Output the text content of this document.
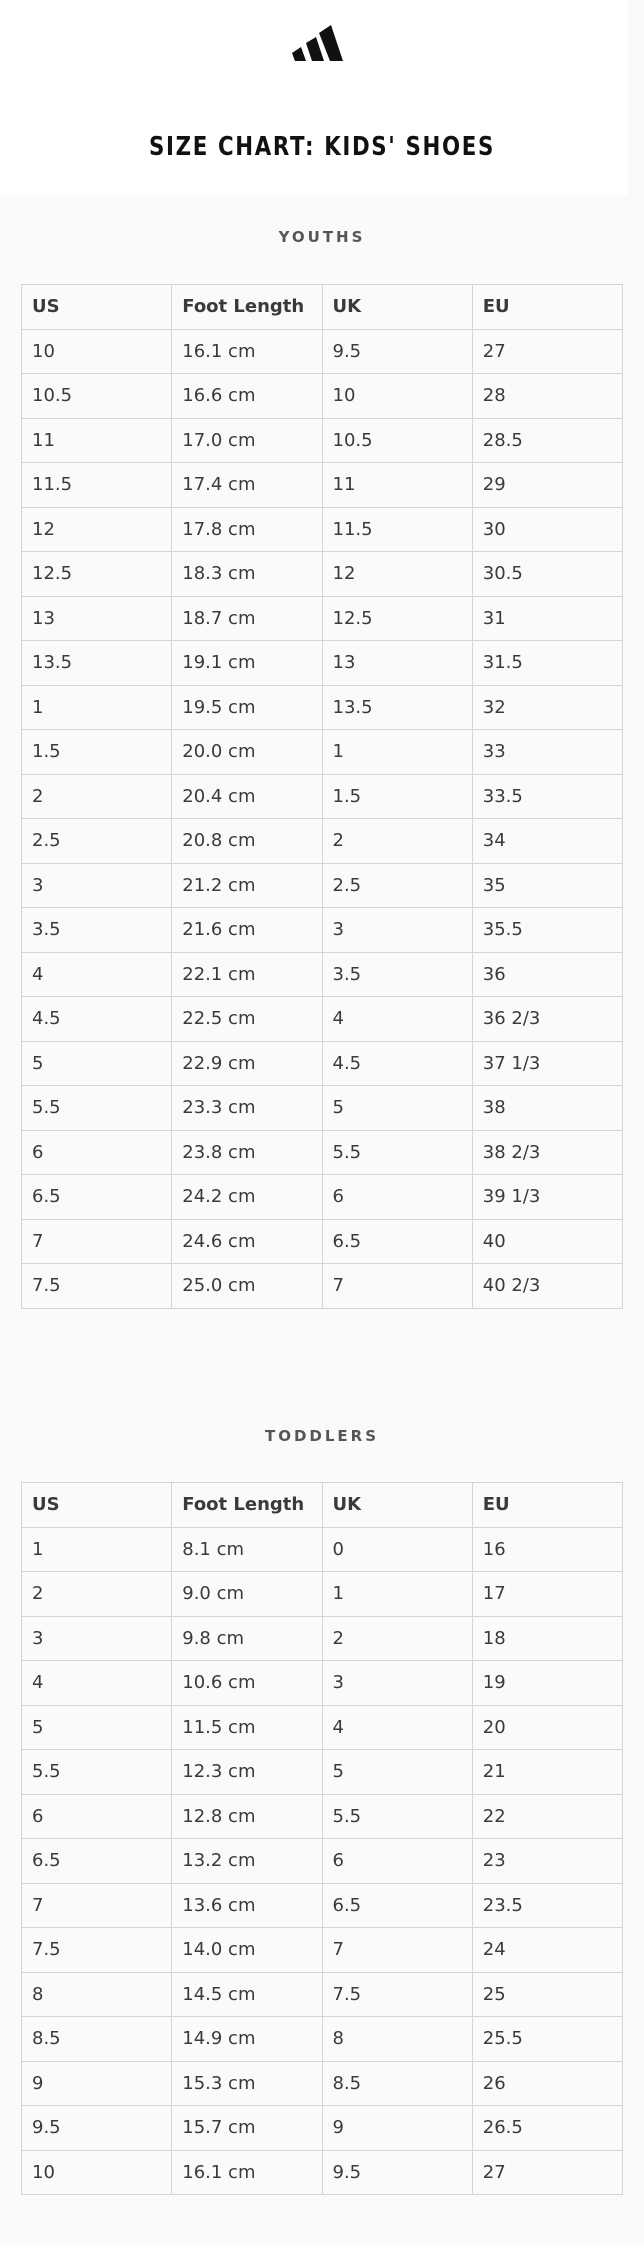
SIZE CHART: KIDS' SHOES
YOUTHS
US	Foot Length	UK	EU
10	16.1 cm	9.5	27
10.5	16.6 cm	10	28
11	17.0 cm	10.5	28.5
11.5	17.4 cm	11	29
12	17.8 cm	11.5	30
12.5	18.3 cm	12	30.5
13	18.7 cm	12.5	31
13.5	19.1 cm	13	31.5
1	19.5 cm	13.5	32
1.5	20.0 cm	1	33
2	20.4 cm	1.5	33.5
2.5	20.8 cm	2	34
3	21.2 cm	2.5	35
3.5	21.6 cm	3	35.5
4	22.1 cm	3.5	36
4.5	22.5 cm	4	36 2/3
5	22.9 cm	4.5	37 1/3
5.5	23.3 cm	5	38
6	23.8 cm	5.5	38 2/3
6.5	24.2 cm	6	39 1/3
7	24.6 cm	6.5	40
7.5	25.0 cm	7	40 2/3
TODDLERS
US	Foot Length	UK	EU
1	8.1 cm	0	16
2	9.0 cm	1	17
3	9.8 cm	2	18
4	10.6 cm	3	19
5	11.5 cm	4	20
5.5	12.3 cm	5	21
6	12.8 cm	5.5	22
6.5	13.2 cm	6	23
7	13.6 cm	6.5	23.5
7.5	14.0 cm	7	24
8	14.5 cm	7.5	25
8.5	14.9 cm	8	25.5
9	15.3 cm	8.5	26
9.5	15.7 cm	9	26.5
10	16.1 cm	9.5	27
